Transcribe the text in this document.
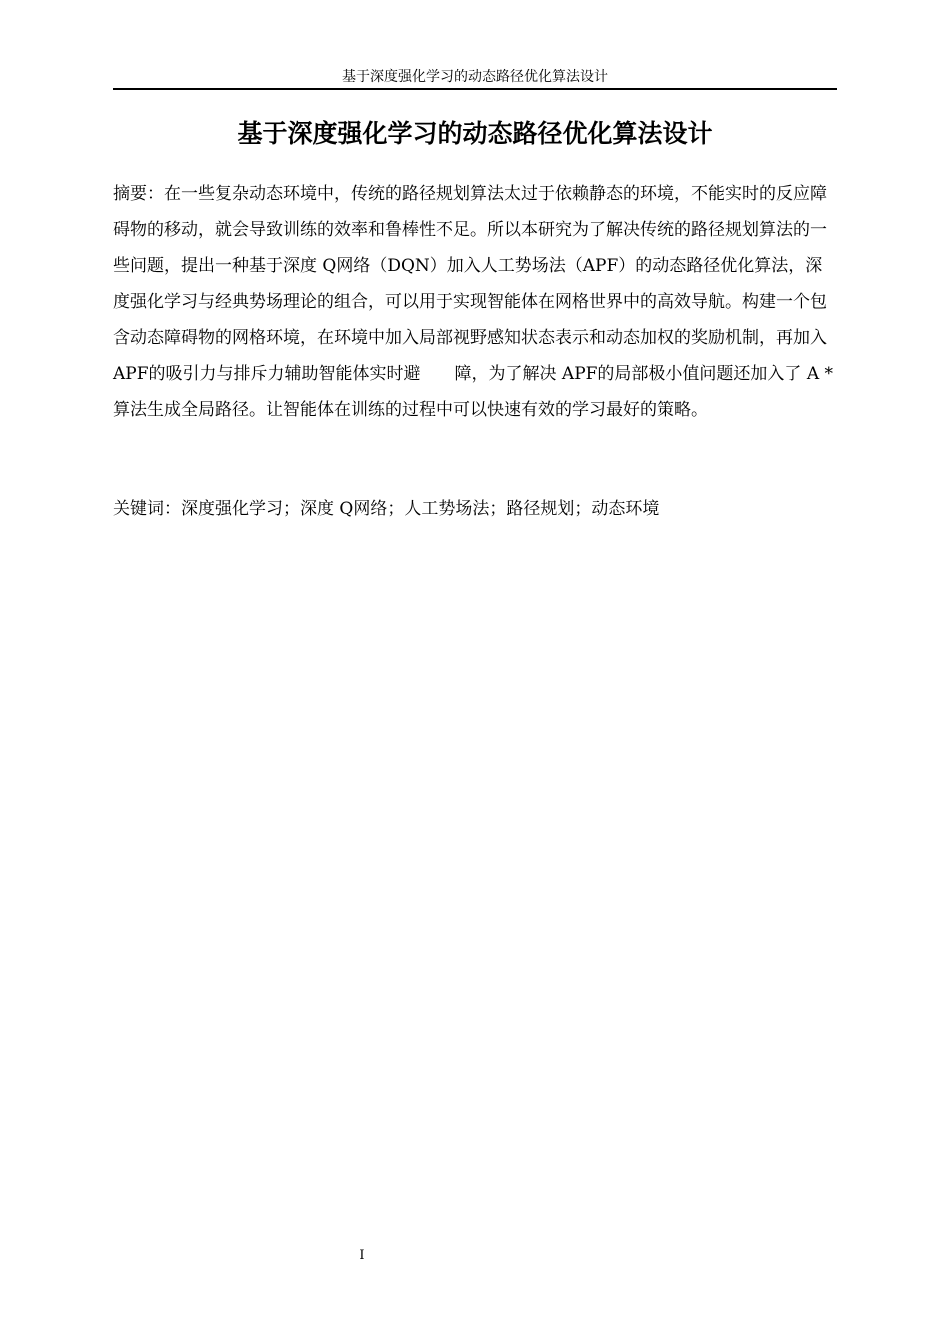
基于深度强化学习的动态路径优化算法设计
基于深度强化学习的动态路径优化算法设计

摘要：在一些复杂动态环境中，传统的路径规划算法太过于依赖静态的环境，不能实时的反应障碍物的移动，就会导致训练的效率和鲁棒性不足。所以本研究为了解决传统的路径规划算法的一些问题，提出一种基于深度 Q网络（DQN）加入人工势场法（APF）的动态路径优化算法，深度强化学习与经典势场理论的组合，可以用于实现智能体在网格世界中的高效导航。构建一个包含动态障碍物的网格环境，在环境中加入局部视野感知状态表示和动态加权的奖励机制，再加入 APF的吸引力与排斥力辅助智能体实时避　　障，为了解决 APF的局部极小值问题还加入了 A * 算法生成全局路径。让智能体在训练的过程中可以快速有效的学习最好的策略。

关键词：深度强化学习；深度 Q网络；人工势场法；路径规划；动态环境

I
